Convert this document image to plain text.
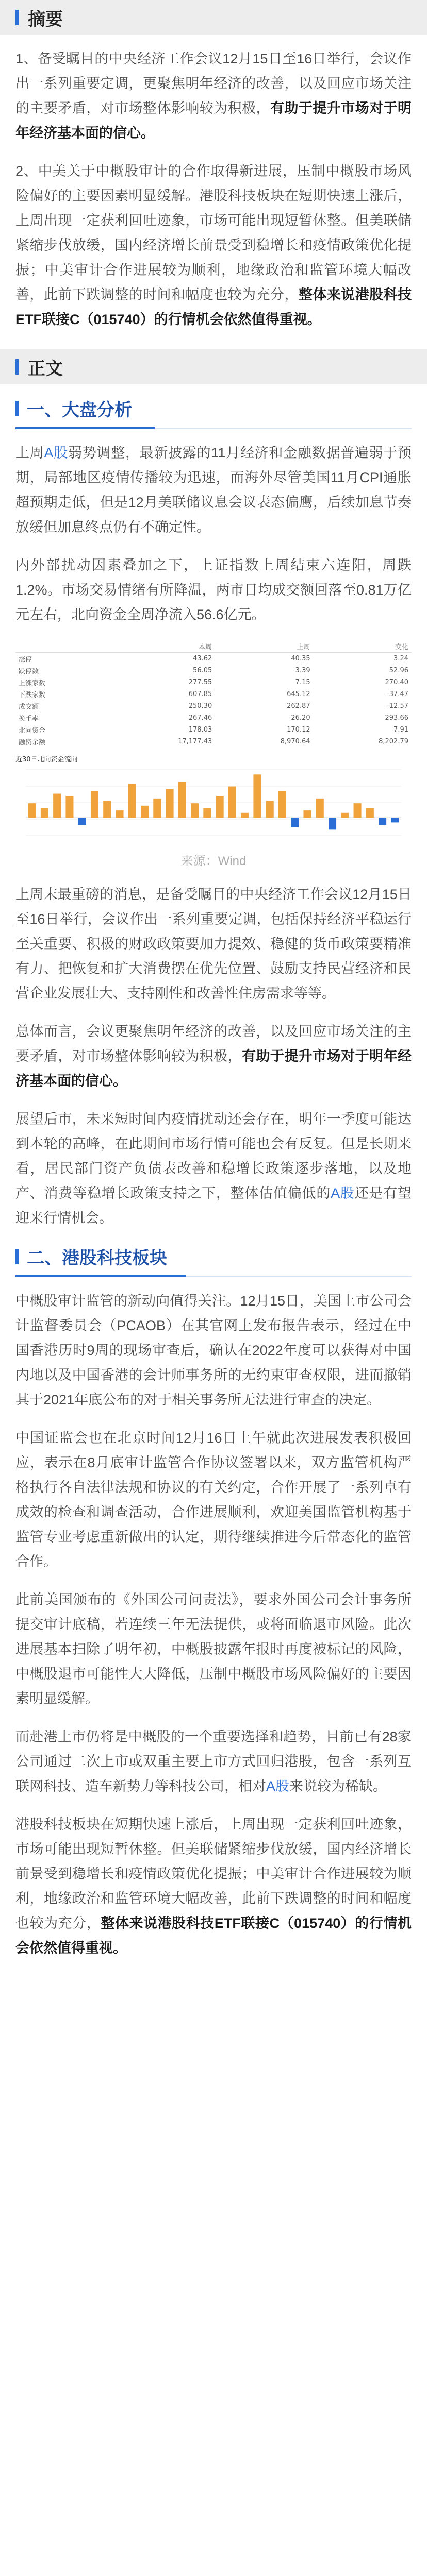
摘要

1、备受瞩目的中央经济工作会议12月15日至16日举行，会议作出一系列重要定调，更聚焦明年经济的改善，以及回应市场关注的主要矛盾，对市场整体影响较为积极，有助于提升市场对于明年经济基本面的信心。

2、中美关于中概股审计的合作取得新进展，压制中概股市场风险偏好的主要因素明显缓解。港股科技板块在短期快速上涨后，上周出现一定获利回吐迹象，市场可能出现短暂休整。但美联储紧缩步伐放缓，国内经济增长前景受到稳增长和疫情政策优化提振；中美审计合作进展较为顺利，地缘政治和监管环境大幅改善，此前下跌调整的时间和幅度也较为充分，整体来说港股科技ETF联接C（015740）的行情机会依然值得重视。

正文
一、大盘分析

上周A股弱势调整，最新披露的11月经济和金融数据普遍弱于预期，局部地区疫情传播较为迅速，而海外尽管美国11月CPI通胀超预期走低，但是12月美联储议息会议表态偏鹰，后续加息节奏放缓但加息终点仍有不确定性。

内外部扰动因素叠加之下，上证指数上周结束六连阳，周跌1.2%。市场交易情绪有所降温，两市日均成交额回落至0.81万亿元左右，北向资金全周净流入56.6亿元。

	本周	上周	变化
涨停	43.62	40.35	3.24
跌停数	56.05	3.39	52.96
上涨家数	277.55	7.15	270.40
下跌家数	607.85	645.12	-37.47
成交额	250.30	262.87	-12.57
换手率	267.46	-26.20	293.66
北向资金	178.03	170.12	7.91
融资余额	17,177.43	8,970.64	8,202.79
近30日北向资金流向
来源：Wind

上周末最重磅的消息，是备受瞩目的中央经济工作会议12月15日至16日举行，会议作出一系列重要定调，包括保持经济平稳运行至关重要、积极的财政政策要加力提效、稳健的货币政策要精准有力、把恢复和扩大消费摆在优先位置、鼓励支持民营经济和民营企业发展壮大、支持刚性和改善性住房需求等等。

总体而言，会议更聚焦明年经济的改善，以及回应市场关注的主要矛盾，对市场整体影响较为积极，有助于提升市场对于明年经济基本面的信心。

展望后市，未来短时间内疫情扰动还会存在，明年一季度可能达到本轮的高峰，在此期间市场行情可能也会有反复。但是长期来看，居民部门资产负债表改善和稳增长政策逐步落地，以及地产、消费等稳增长政策支持之下，整体估值偏低的A股还是有望迎来行情机会。

二、港股科技板块

中概股审计监管的新动向值得关注。12月15日，美国上市公司会计监督委员会（PCAOB）在其官网上发布报告表示，经过在中国香港历时9周的现场审查后，确认在2022年度可以获得对中国内地以及中国香港的会计师事务所的无约束审查权限，进而撤销其于2021年底公布的对于相关事务所无法进行审查的决定。

中国证监会也在北京时间12月16日上午就此次进展发表积极回应，表示在8月底审计监管合作协议签署以来，双方监管机构严格执行各自法律法规和协议的有关约定，合作开展了一系列卓有成效的检查和调查活动，合作进展顺利，欢迎美国监管机构基于监管专业考虑重新做出的认定，期待继续推进今后常态化的监管合作。

此前美国颁布的《外国公司问责法》，要求外国公司会计事务所提交审计底稿，若连续三年无法提供，或将面临退市风险。此次进展基本扫除了明年初，中概股披露年报时再度被标记的风险，中概股退市可能性大大降低，压制中概股市场风险偏好的主要因素明显缓解。

而赴港上市仍将是中概股的一个重要选择和趋势，目前已有28家公司通过二次上市或双重主要上市方式回归港股，包含一系列互联网科技、造车新势力等科技公司，相对A股来说较为稀缺。

港股科技板块在短期快速上涨后，上周出现一定获利回吐迹象，市场可能出现短暂休整。但美联储紧缩步伐放缓，国内经济增长前景受到稳增长和疫情政策优化提振；中美审计合作进展较为顺利，地缘政治和监管环境大幅改善，此前下跌调整的时间和幅度也较为充分，整体来说港股科技ETF联接C（015740）的行情机会依然值得重视。
